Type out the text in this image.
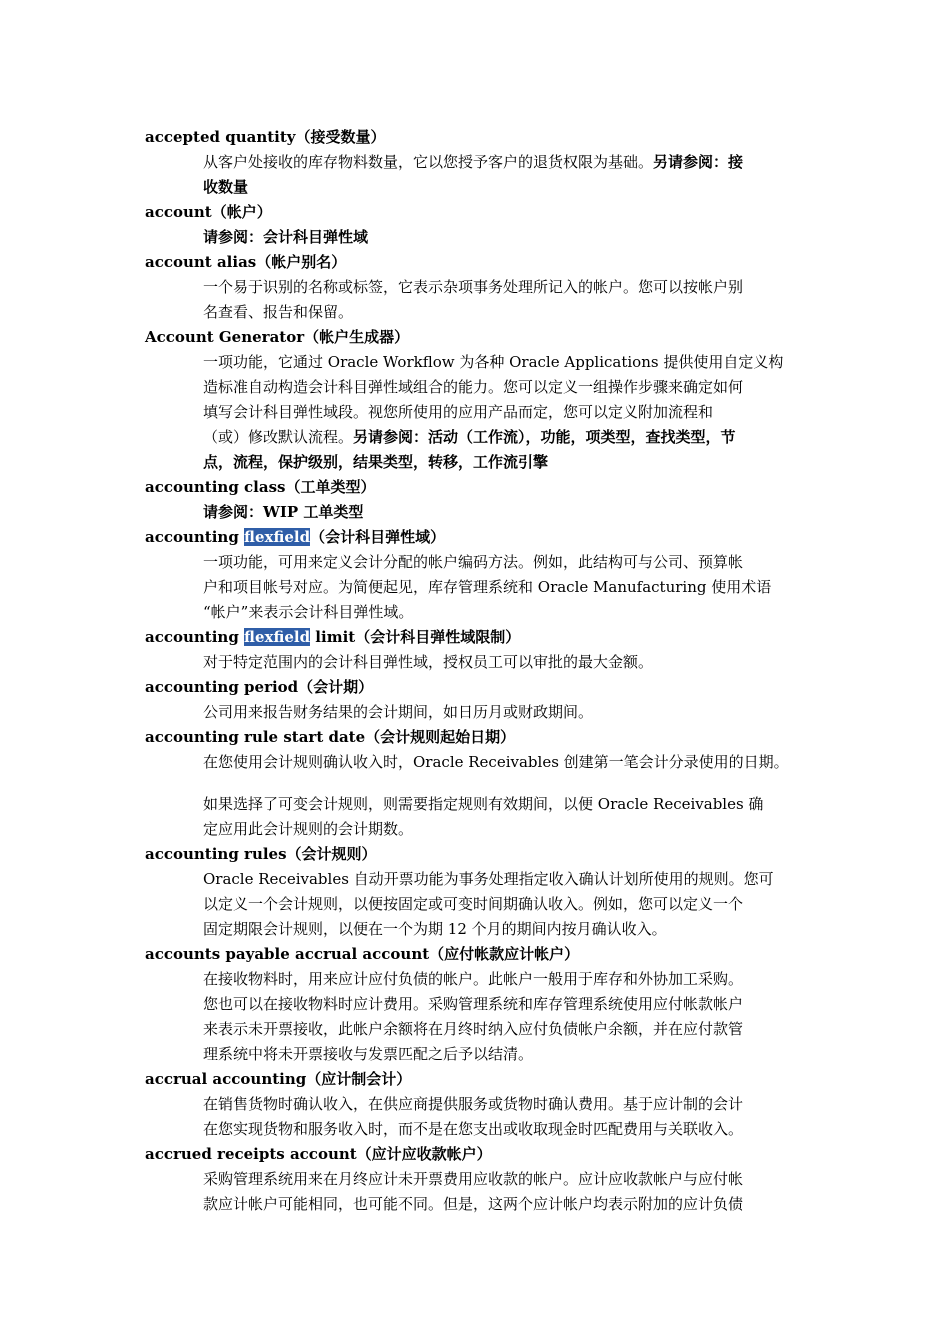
accepted quantity（接受数量）
从客户处接收的库存物料数量，它以您授予客户的退货权限为基础。另请参阅：接
收数量
account（帐户）
请参阅：会计科目弹性域
account alias（帐户别名）
一个易于识别的名称或标签，它表示杂项事务处理所记入的帐户。您可以按帐户别
名查看、报告和保留。
Account Generator（帐户生成器）
一项功能，它通过 Oracle Workflow 为各种 Oracle Applications 提供使用自定义构
造标准自动构造会计科目弹性域组合的能力。您可以定义一组操作步骤来确定如何
填写会计科目弹性域段。视您所使用的应用产品而定，您可以定义附加流程和
（或）修改默认流程。另请参阅：活动（工作流），功能，项类型，查找类型，节
点，流程，保护级别，结果类型，转移，工作流引擎
accounting class（工单类型）
请参阅：WIP 工单类型
accounting flexfield（会计科目弹性域）
一项功能，可用来定义会计分配的帐户编码方法。例如，此结构可与公司、预算帐
户和项目帐号对应。为简便起见，库存管理系统和 Oracle Manufacturing 使用术语
“帐户”来表示会计科目弹性域。
accounting flexfield limit（会计科目弹性域限制）
对于特定范围内的会计科目弹性域，授权员工可以审批的最大金额。
accounting period（会计期）
公司用来报告财务结果的会计期间，如日历月或财政期间。
accounting rule start date（会计规则起始日期）
在您使用会计规则确认收入时，Oracle Receivables 创建第一笔会计分录使用的日期。
如果选择了可变会计规则，则需要指定规则有效期间，以便 Oracle Receivables 确
定应用此会计规则的会计期数。
accounting rules（会计规则）
Oracle Receivables 自动开票功能为事务处理指定收入确认计划所使用的规则。您可
以定义一个会计规则，以便按固定或可变时间期确认收入。例如，您可以定义一个
固定期限会计规则，以便在一个为期 12 个月的期间内按月确认收入。
accounts payable accrual account（应付帐款应计帐户）
在接收物料时，用来应计应付负债的帐户。此帐户一般用于库存和外协加工采购。
您也可以在接收物料时应计费用。采购管理系统和库存管理系统使用应付帐款帐户
来表示未开票接收，此帐户余额将在月终时纳入应付负债帐户余额，并在应付款管
理系统中将未开票接收与发票匹配之后予以结清。
accrual accounting（应计制会计）
在销售货物时确认收入，在供应商提供服务或货物时确认费用。基于应计制的会计
在您实现货物和服务收入时，而不是在您支出或收取现金时匹配费用与关联收入。
accrued receipts account（应计应收款帐户）
采购管理系统用来在月终应计未开票费用应收款的帐户。应计应收款帐户与应付帐
款应计帐户可能相同，也可能不同。但是，这两个应计帐户均表示附加的应计负债
